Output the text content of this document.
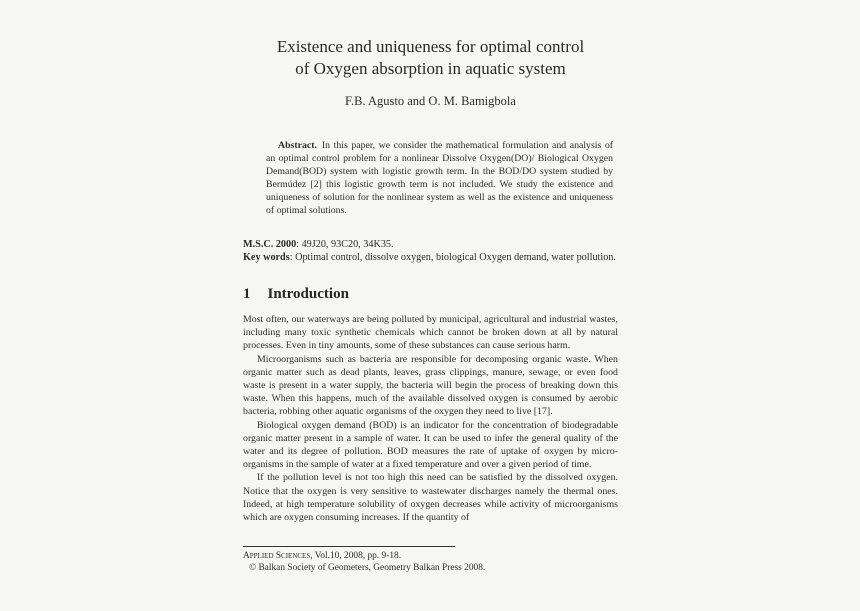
Existence and uniqueness for optimal control
of Oxygen absorption in aquatic system
F.B. Agusto and O. M. Bamigbola

Abstract. In this paper, we consider the mathematical formulation and analysis of an optimal control problem for a nonlinear Dissolve Oxygen(DO)/ Biological Oxygen Demand(BOD) system with logistic growth term. In the BOD/DO system studied by Bermúdez [2] this logistic growth term is not included. We study the existence and uniqueness of solution for the nonlinear system as well as the existence and uniqueness of optimal solutions.

M.S.C. 2000: 49J20, 93C20, 34K35.

Key words: Optimal control, dissolve oxygen, biological Oxygen demand, water pollution.

1 Introduction

Most often, our waterways are being polluted by municipal, agricultural and industrial wastes, including many toxic synthetic chemicals which cannot be broken down at all by natural processes. Even in tiny amounts, some of these substances can cause serious harm.

Microorganisms such as bacteria are responsible for decomposing organic waste. When organic matter such as dead plants, leaves, grass clippings, manure, sewage, or even food waste is present in a water supply, the bacteria will begin the process of breaking down this waste. When this happens, much of the available dissolved oxygen is consumed by aerobic bacteria, robbing other aquatic organisms of the oxygen they need to live [17].

Biological oxygen demand (BOD) is an indicator for the concentration of biodegradable organic matter present in a sample of water. It can be used to infer the general quality of the water and its degree of pollution. BOD measures the rate of uptake of oxygen by micro-organisms in the sample of water at a fixed temperature and over a given period of time.

If the pollution level is not too high this need can be satisfied by the dissolved oxygen. Notice that the oxygen is very sensitive to wastewater discharges namely the thermal ones. Indeed, at high temperature solubility of oxygen decreases while activity of microorganisms which are oxygen consuming increases. If the quantity of

Applied Sciences, Vol.10, 2008, pp. 9-18.
© Balkan Society of Geometers, Geometry Balkan Press 2008.
